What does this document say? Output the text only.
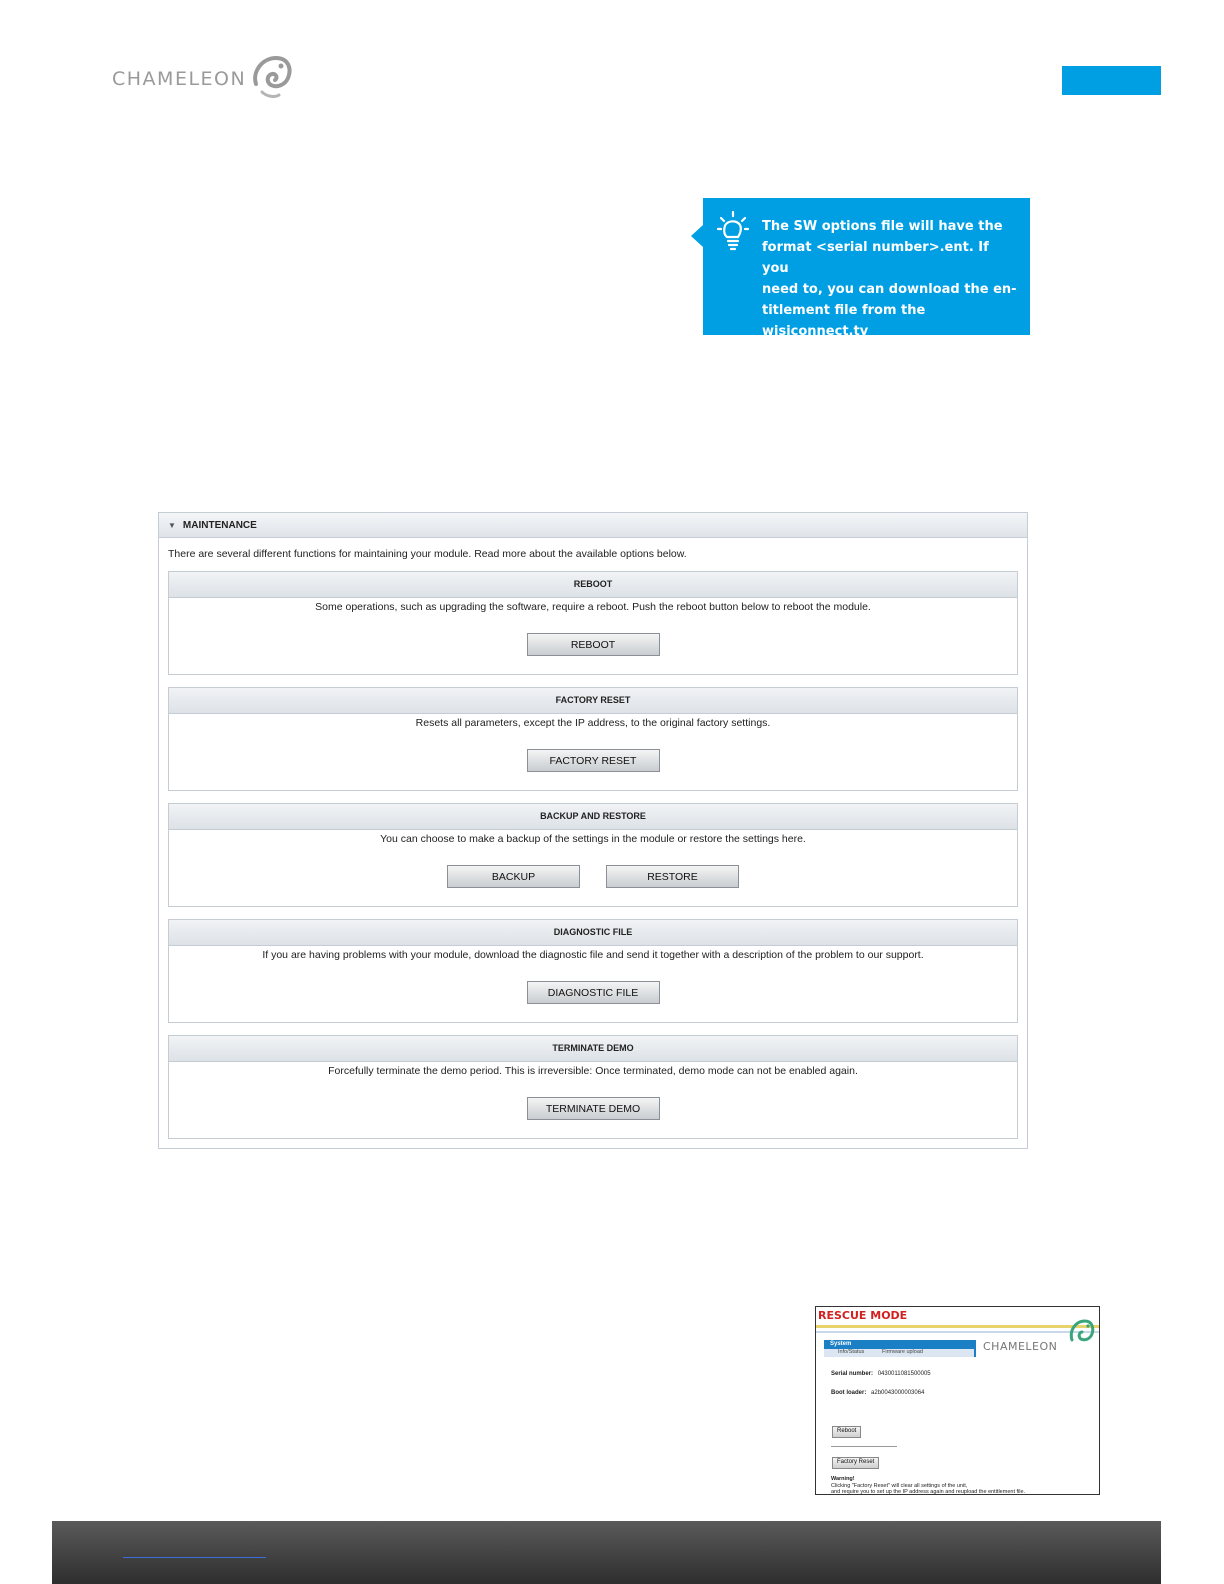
CHAMELEON
The SW options file will have the
format <serial number>.ent. If you
need to, you can download the en-
titlement file from the wisiconnect.tv
portal, see §4.
▼ MAINTENANCE
There are several different functions for maintaining your module. Read more about the available options below.
REBOOT
Some operations, such as upgrading the software, require a reboot. Push the reboot button below to reboot the module.
REBOOT
FACTORY RESET
Resets all parameters, except the IP address, to the original factory settings.
FACTORY RESET
BACKUP AND RESTORE
You can choose to make a backup of the settings in the module or restore the settings here.
BACKUP	RESTORE
DIAGNOSTIC FILE
If you are having problems with your module, download the diagnostic file and send it together with a description of the problem to our support.
DIAGNOSTIC FILE
TERMINATE DEMO
Forcefully terminate the demo period. This is irreversible: Once terminated, demo mode can not be enabled again.
TERMINATE DEMO
RESCUE MODE
System
Info/Status	Firmware upload	CHAMELEON
Serial number: 0430011081500005
Boot loader: a2b0043000003064
Reboot
Factory Reset
Warning!
Clicking "Factory Reset" will clear all settings of the unit,
and require you to set up the IP address again and reupload the entitlement file.
